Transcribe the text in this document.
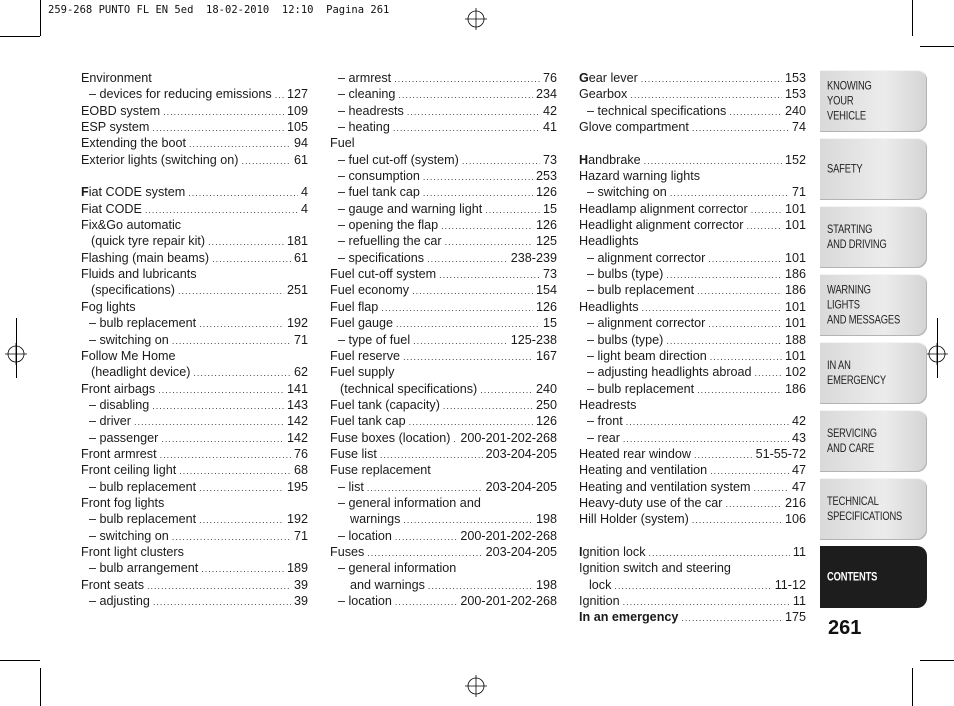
259-268 PUNTO FL EN 5ed  18-02-2010  12:10  Pagina 261
Environment
– devices for reducing emissions ..... 127
EOBD system .....	109
ESP system .....	105
Extending the boot .....	94
Exterior lights (switching on) .....	61
Fiat CODE system .....	4
Fiat CODE .....	4
Fix&Go automatic
(quick tyre repair kit) .....	181
Flashing (main beams) .....	61
Fluids and lubricants
(specifications) .....	251
Fog lights
– bulb replacement .....	192
– switching on .....	71
Follow Me Home
(headlight device) .....	62
Front airbags .....	141
– disabling .....	143
– driver .....	142
– passenger .....	142
Front armrest .....	76
Front ceiling light .....	68
– bulb replacement .....	195
Front fog lights
– bulb replacement .....	192
– switching on .....	71
Front light clusters
– bulb arrangement .....	189
Front seats .....	39
– adjusting .....	39
– armrest .....	76
– cleaning .....	234
– headrests .....	42
– heating .....	41
Fuel
– fuel cut-off (system) .....	73
– consumption .....	253
– fuel tank cap .....	126
– gauge and warning light .....	15
– opening the flap .....	126
– refuelling the car .....	125
– specifications .....	238-239
Fuel cut-off system .....	73
Fuel economy .....	154
Fuel flap .....	126
Fuel gauge .....	15
– type of fuel .....	125-238
Fuel reserve .....	167
Fuel supply
(technical specifications) .....	240
Fuel tank (capacity) .....	250
Fuel tank cap .....	126
Fuse boxes (location) ..... 200-201-202-268
Fuse list .....	203-204-205
Fuse replacement
– list .....	203-204-205
– general information and
warnings .....	198
– location .....	200-201-202-268
Fuses .....	203-204-205
– general information
and warnings .....	198
– location .....	200-201-202-268
Gear lever .....	153
Gearbox .....	153
– technical specifications .....	240
Glove compartment .....	74
Handbrake .....	152
Hazard warning lights
– switching on .....	71
Headlamp alignment corrector .....	101
Headlight alignment corrector .....	101
Headlights
– alignment corrector .....	101
– bulbs (type) .....	186
– bulb replacement .....	186
Headlights .....	101
– alignment corrector .....	101
– bulbs (type) .....	188
– light beam direction .....	101
– adjusting headlights abroad .....	102
– bulb replacement .....	186
Headrests
– front .....	42
– rear .....	43
Heated rear window .....	51-55-72
Heating and ventilation .....	47
Heating and ventilation system .....	47
Heavy-duty use of the car .....	216
Hill Holder (system) .....	106
Ignition lock .....	11
Ignition switch and steering
lock .....	11-12
Ignition .....	11
In an emergency .....	175
KNOWING
YOUR
VEHICLE
SAFETY
STARTING
AND DRIVING
WARNING LIGHTS
AND MESSAGES
IN AN
EMERGENCY
SERVICING
AND CARE
TECHNICAL
SPECIFICATIONS
CONTENTS
261
